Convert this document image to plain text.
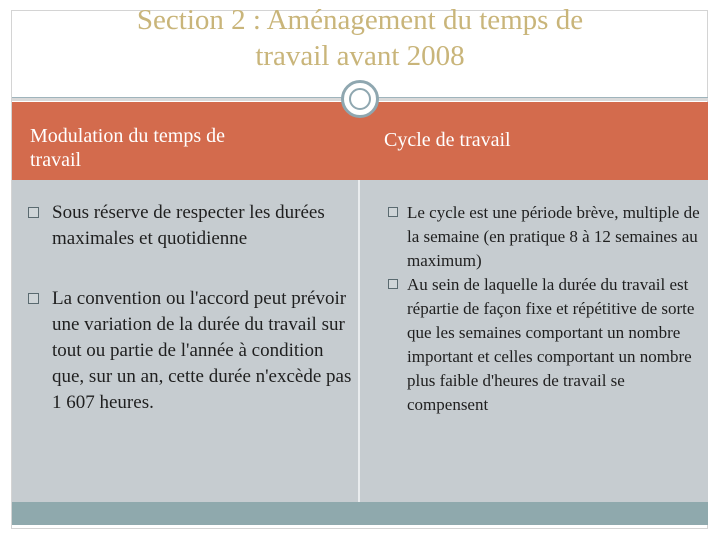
Section 2 : Aménagement du temps de
travail avant 2008
Modulation du temps de
travail
Cycle de travail
Sous réserve de respecter les durées maximales et quotidienne
La convention ou l'accord peut prévoir une variation de la durée du travail sur tout ou partie de l'année à condition que, sur un an, cette durée n'excède pas 1 607 heures.
Le cycle est une période brève, multiple de la semaine (en pratique 8 à 12 semaines au maximum)
Au sein de laquelle la durée du travail est répartie de façon fixe et répétitive de sorte que les semaines comportant un nombre important et celles comportant un nombre plus faible d'heures de travail se compensent
